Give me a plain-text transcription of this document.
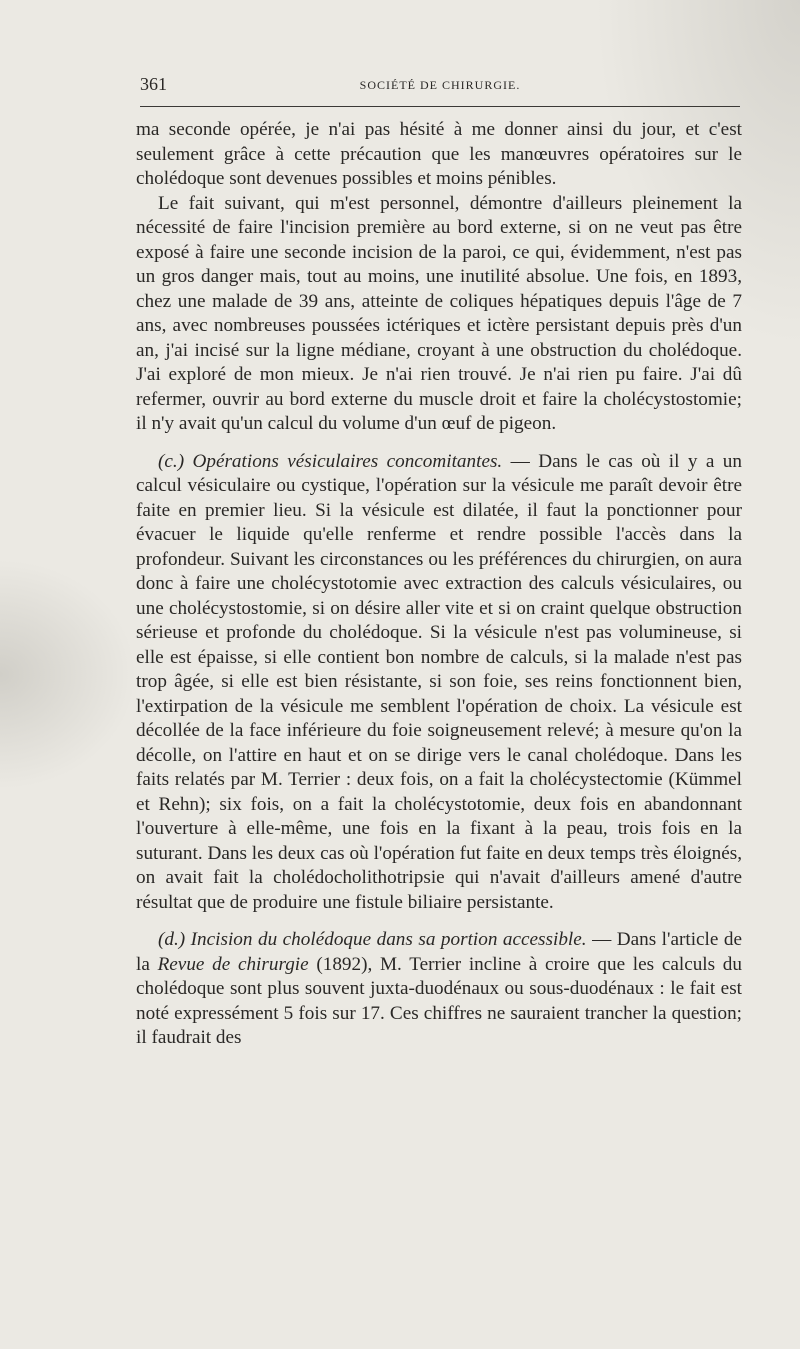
361	SOCIÉTÉ DE CHIRURGIE.

ma seconde opérée, je n'ai pas hésité à me donner ainsi du jour, et c'est seulement grâce à cette précaution que les manœuvres opératoires sur le cholédoque sont devenues possibles et moins pénibles.

Le fait suivant, qui m'est personnel, démontre d'ailleurs pleinement la nécessité de faire l'incision première au bord externe, si on ne veut pas être exposé à faire une seconde incision de la paroi, ce qui, évidemment, n'est pas un gros danger mais, tout au moins, une inutilité absolue. Une fois, en 1893, chez une malade de 39 ans, atteinte de coliques hépatiques depuis l'âge de 7 ans, avec nombreuses poussées ictériques et ictère persistant depuis près d'un an, j'ai incisé sur la ligne médiane, croyant à une obstruction du cholédoque. J'ai exploré de mon mieux. Je n'ai rien trouvé. Je n'ai rien pu faire. J'ai dû refermer, ouvrir au bord externe du muscle droit et faire la cholécystostomie; il n'y avait qu'un calcul du volume d'un œuf de pigeon.

(c.) Opérations vésiculaires concomitantes. — Dans le cas où il y a un calcul vésiculaire ou cystique, l'opération sur la vésicule me paraît devoir être faite en premier lieu. Si la vésicule est dilatée, il faut la ponctionner pour évacuer le liquide qu'elle renferme et rendre possible l'accès dans la profondeur. Suivant les circonstances ou les préférences du chirurgien, on aura donc à faire une cholécystotomie avec extraction des calculs vésiculaires, ou une cholécystostomie, si on désire aller vite et si on craint quelque obstruction sérieuse et profonde du cholédoque. Si la vésicule n'est pas volumineuse, si elle est épaisse, si elle contient bon nombre de calculs, si la malade n'est pas trop âgée, si elle est bien résistante, si son foie, ses reins fonctionnent bien, l'extirpation de la vésicule me semblent l'opération de choix. La vésicule est décollée de la face inférieure du foie soigneusement relevé; à mesure qu'on la décolle, on l'attire en haut et on se dirige vers le canal cholédoque. Dans les faits relatés par M. Terrier : deux fois, on a fait la cholécystectomie (Kümmel et Rehn); six fois, on a fait la cholécystotomie, deux fois en abandonnant l'ouverture à elle-même, une fois en la fixant à la peau, trois fois en la suturant. Dans les deux cas où l'opération fut faite en deux temps très éloignés, on avait fait la cholédocholithotripsie qui n'avait d'ailleurs amené d'autre résultat que de produire une fistule biliaire persistante.

(d.) Incision du cholédoque dans sa portion accessible. — Dans l'article de la Revue de chirurgie (1892), M. Terrier incline à croire que les calculs du cholédoque sont plus souvent juxta-duodénaux ou sous-duodénaux : le fait est noté expressément 5 fois sur 17. Ces chiffres ne sauraient trancher la question; il faudrait des
